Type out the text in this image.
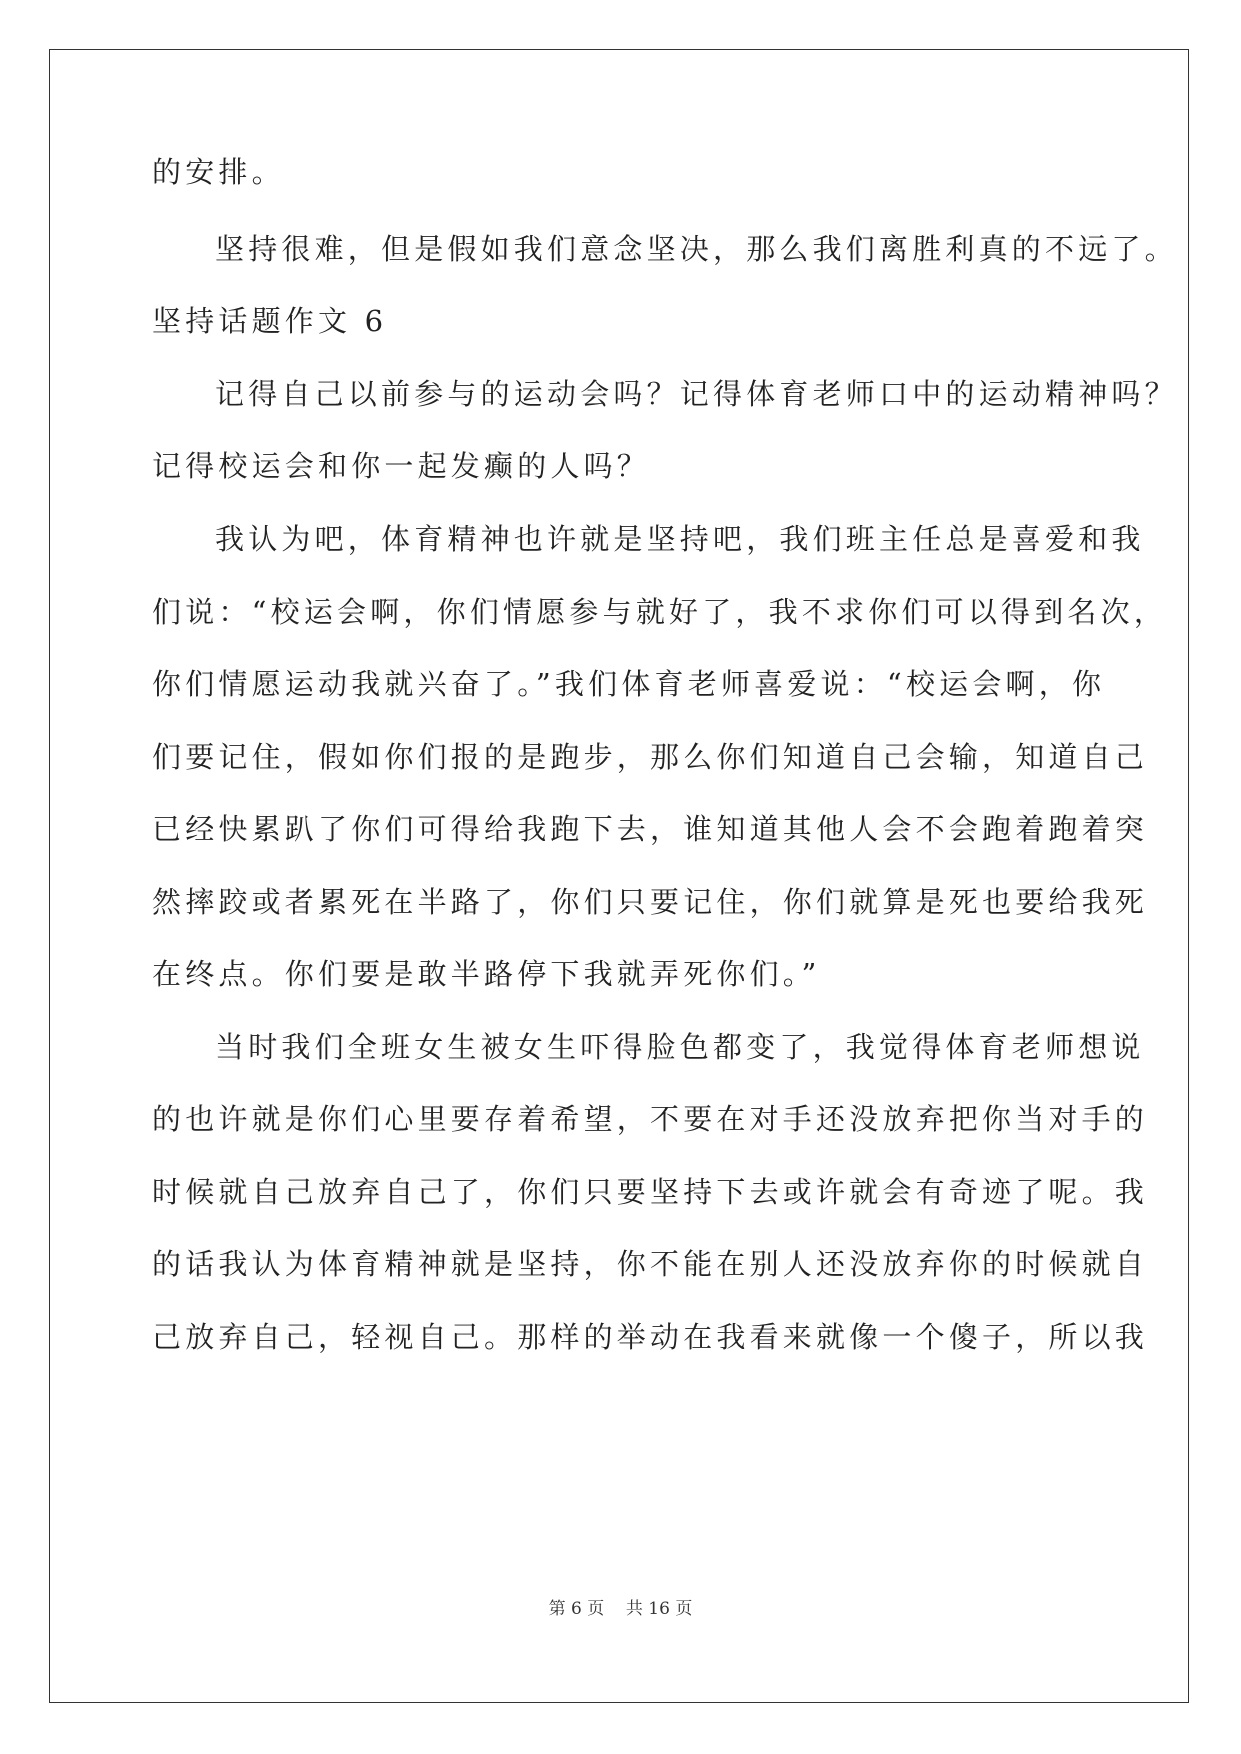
的安排。
坚持很难，但是假如我们意念坚决，那么我们离胜利真的不远了。
坚持话题作文 6
记得自己以前参与的运动会吗？记得体育老师口中的运动精神吗？
记得校运会和你一起发癫的人吗？
我认为吧，体育精神也许就是坚持吧，我们班主任总是喜爱和我
们说：“校运会啊，你们情愿参与就好了，我不求你们可以得到名次，
你们情愿运动我就兴奋了。”我们体育老师喜爱说：“校运会啊，你
们要记住，假如你们报的是跑步，那么你们知道自己会输，知道自己
已经快累趴了你们可得给我跑下去，谁知道其他人会不会跑着跑着突
然摔跤或者累死在半路了，你们只要记住，你们就算是死也要给我死
在终点。你们要是敢半路停下我就弄死你们。”
当时我们全班女生被女生吓得脸色都变了，我觉得体育老师想说
的也许就是你们心里要存着希望，不要在对手还没放弃把你当对手的
时候就自己放弃自己了，你们只要坚持下去或许就会有奇迹了呢。我
的话我认为体育精神就是坚持，你不能在别人还没放弃你的时候就自
己放弃自己，轻视自己。那样的举动在我看来就像一个傻子，所以我
第 6 页 共 16 页
